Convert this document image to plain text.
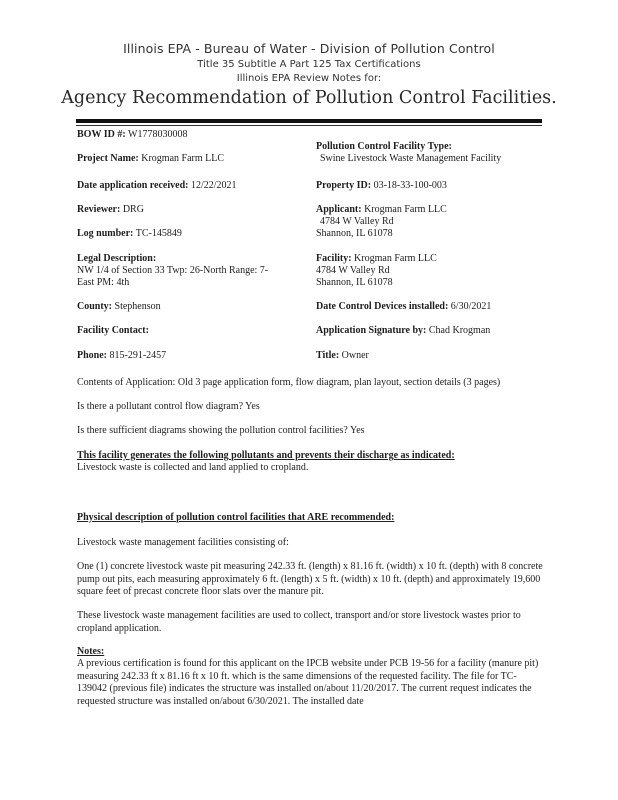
Illinois EPA - Bureau of Water - Division of Pollution Control
Title 35 Subtitle A Part 125 Tax Certifications
Illinois EPA Review Notes for:
Agency Recommendation of Pollution Control Facilities.
BOW ID #: W1778030008
Project Name: Krogman Farm LLC
Date application received: 12/22/2021
Reviewer: DRG
Log number: TC-145849
Legal Description:
NW 1/4 of Section 33 Twp: 26-North Range: 7-
East PM: 4th
County: Stephenson
Facility Contact:
Phone: 815-291-2457
Pollution Control Facility Type:
Swine Livestock Waste Management Facility
Property ID: 03-18-33-100-003
Applicant: Krogman Farm LLC
4784 W Valley Rd
Shannon, IL 61078
Facility: Krogman Farm LLC
4784 W Valley Rd
Shannon, IL 61078
Date Control Devices installed: 6/30/2021
Application Signature by: Chad Krogman
Title: Owner
Contents of Application: Old 3 page application form, flow diagram, plan layout, section details (3 pages)
Is there a pollutant control flow diagram? Yes
Is there sufficient diagrams showing the pollution control facilities? Yes
This facility generates the following pollutants and prevents their discharge as indicated:
Livestock waste is collected and land applied to cropland.
Physical description of pollution control facilities that ARE recommended:
Livestock waste management facilities consisting of:
One (1) concrete livestock waste pit measuring 242.33 ft. (length) x 81.16 ft. (width) x 10 ft. (depth) with 8 concrete pump out pits, each measuring approximately 6 ft. (length) x 5 ft. (width) x 10 ft. (depth) and approximately 19,600 square feet of precast concrete floor slats over the manure pit.
These livestock waste management facilities are used to collect, transport and/or store livestock wastes prior to cropland application.
Notes:
A previous certification is found for this applicant on the IPCB website under PCB 19-56 for a facility (manure pit) measuring 242.33 ft x 81.16 ft x 10 ft. which is the same dimensions of the requested facility. The file for TC-139042 (previous file) indicates the structure was installed on/about 11/20/2017. The current request indicates the requested structure was installed on/about 6/30/2021. The installed date
